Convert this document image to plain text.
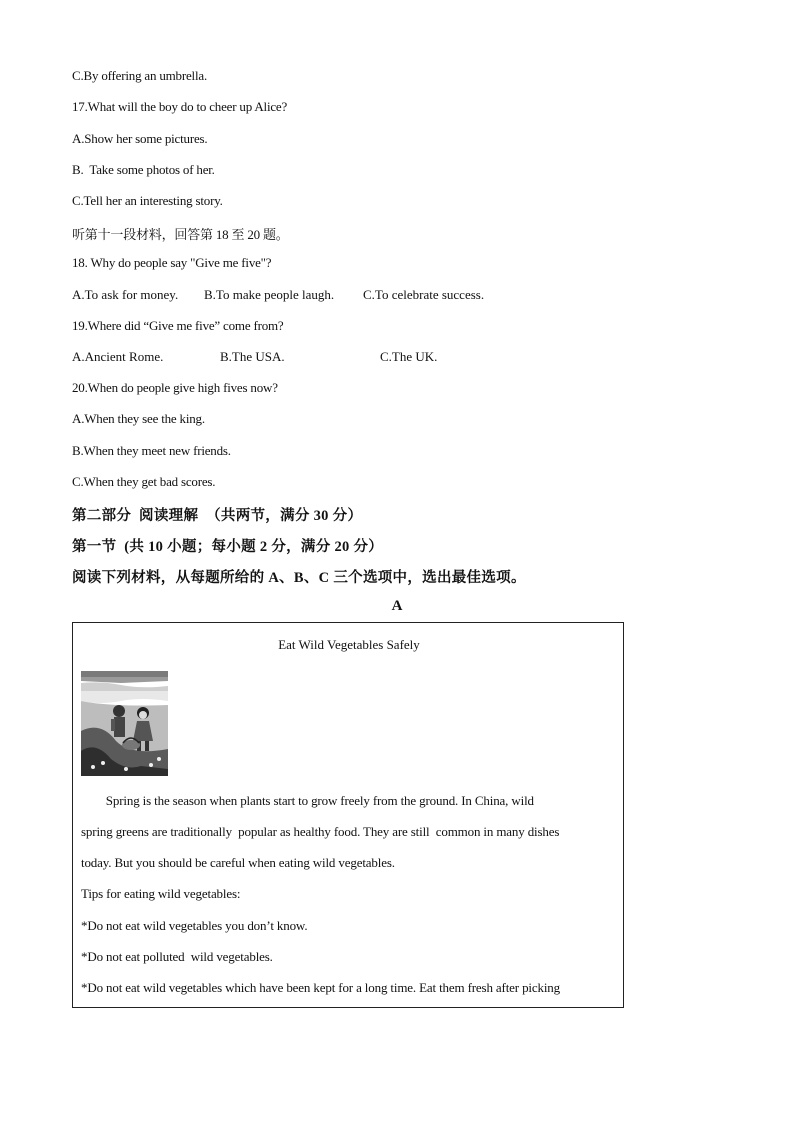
C.By offering an umbrella.
17.What will the boy do to cheer up Alice?
A.Show her some pictures.
B.  Take some photos of her.
C.Tell her an interesting story.
听第十一段材料，回答第 18 至 20 题。
18. Why do people say "Give me five"?
A.To ask for money. B.To make people laugh. C.To celebrate success.
19.Where did “Give me five” come from?
A.Ancient Rome.	B.The USA.	C.The UK.
20.When do people give high fives now?
A.When they see the king.
B.When they meet new friends.
C.When they get bad scores.
第二部分  阅读理解  （共两节，满分 30 分）
第一节  (共 10 小题；每小题 2 分，满分 20 分）
阅读下列材料，从每题所给的 A、B、C 三个选项中，选出最佳选项。
A
Eat Wild Vegetables Safely
Spring is the season when plants start to grow freely from the ground. In China, wild
spring greens are traditionally  popular as healthy food. They are still  common in many dishes
today. But you should be careful when eating wild vegetables.
Tips for eating wild vegetables:
*Do not eat wild vegetables you don’t know.
*Do not eat polluted  wild vegetables.
*Do not eat wild vegetables which have been kept for a long time. Eat them fresh after picking
